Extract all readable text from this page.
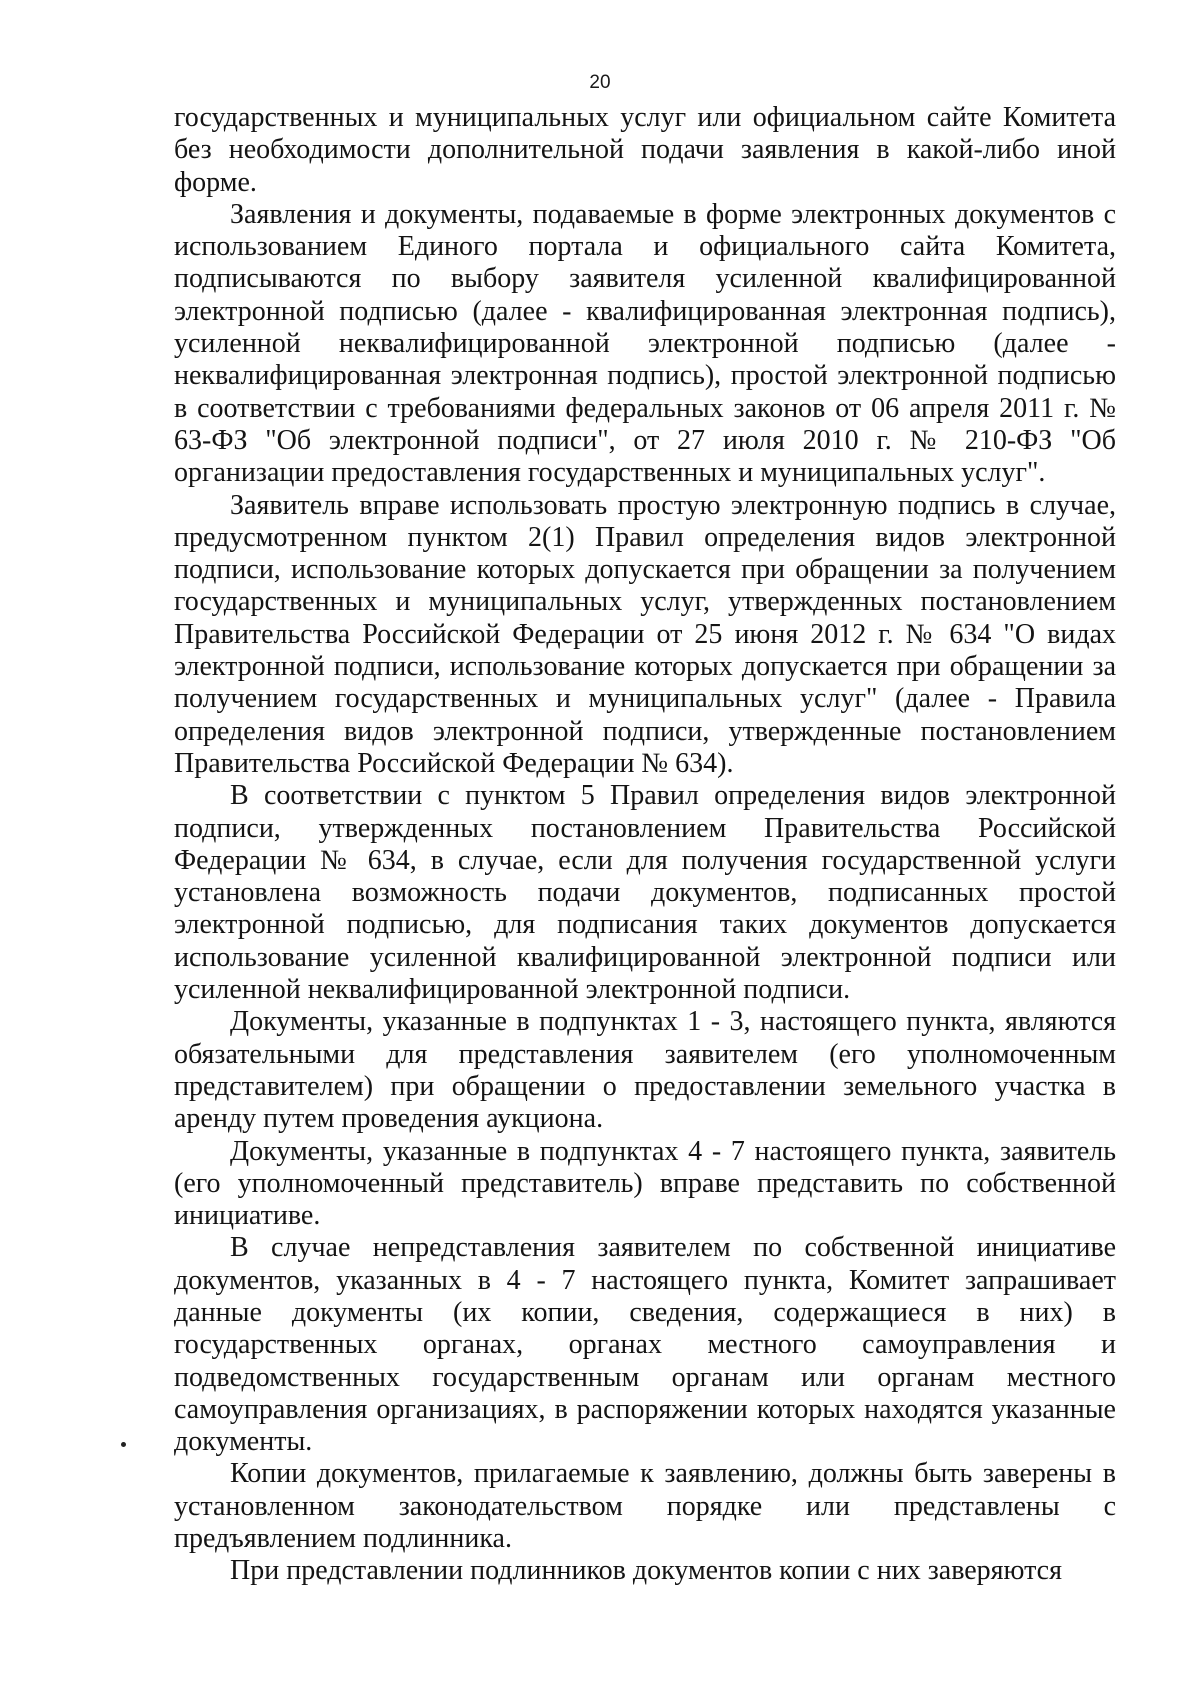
20

государственных и муниципальных услуг или официальном сайте Комитета без необходимости дополнительной подачи заявления в какой-либо иной форме.

Заявления и документы, подаваемые в форме электронных документов с использованием Единого портала и официального сайта Комитета, подписываются по выбору заявителя усиленной квалифицированной электронной подписью (далее - квалифицированная электронная подпись), усиленной неквалифицированной электронной подписью (далее - неквалифицированная электронная подпись), простой электронной подписью в соответствии с требованиями федеральных законов от 06 апреля 2011 г. № 63-ФЗ "Об электронной подписи", от 27 июля 2010 г. № 210-ФЗ "Об организации предоставления государственных и муниципальных услуг".

Заявитель вправе использовать простую электронную подпись в случае, предусмотренном пунктом 2(1) Правил определения видов электронной подписи, использование которых допускается при обращении за получением государственных и муниципальных услуг, утвержденных постановлением Правительства Российской Федерации от 25 июня 2012 г. № 634 "О видах электронной подписи, использование которых допускается при обращении за получением государственных и муниципальных услуг" (далее - Правила определения видов электронной подписи, утвержденные постановлением Правительства Российской Федерации № 634).

В соответствии с пунктом 5 Правил определения видов электронной подписи, утвержденных постановлением Правительства Российской Федерации № 634, в случае, если для получения государственной услуги установлена возможность подачи документов, подписанных простой электронной подписью, для подписания таких документов допускается использование усиленной квалифицированной электронной подписи или усиленной неквалифицированной электронной подписи.

Документы, указанные в подпунктах 1 - 3, настоящего пункта, являются обязательными для представления заявителем (его уполномоченным представителем) при обращении о предоставлении земельного участка в аренду путем проведения аукциона.

Документы, указанные в подпунктах 4 - 7 настоящего пункта, заявитель (его уполномоченный представитель) вправе представить по собственной инициативе.

В случае непредставления заявителем по собственной инициативе документов, указанных в 4 - 7 настоящего пункта, Комитет запрашивает данные документы (их копии, сведения, содержащиеся в них) в государственных органах, органах местного самоуправления и подведомственных государственным органам или органам местного самоуправления организациях, в распоряжении которых находятся указанные документы.

Копии документов, прилагаемые к заявлению, должны быть заверены в установленном законодательством порядке или представлены с предъявлением подлинника.

При представлении подлинников документов копии с них заверяются
